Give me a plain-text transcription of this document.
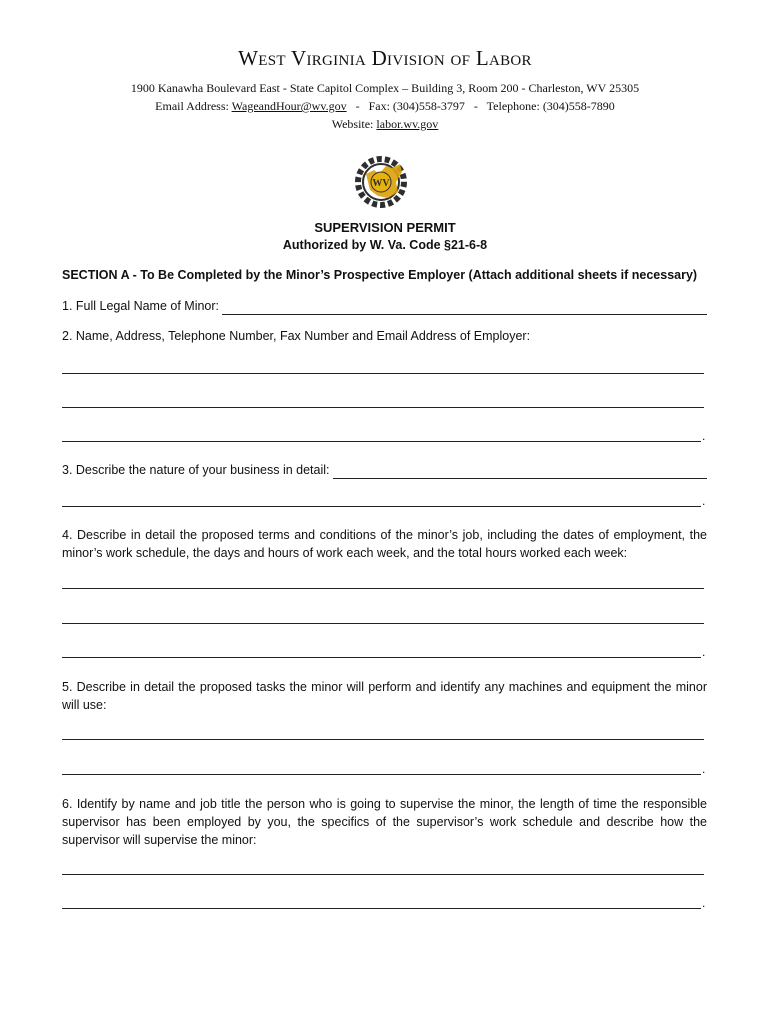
West Virginia Division of Labor
1900 Kanawha Boulevard East - State Capitol Complex – Building 3, Room 200 - Charleston, WV 25305
Email Address: WageandHour@wv.gov   -   Fax: (304)558-3797   -   Telephone: (304)558-7890
Website: labor.wv.gov
WV
SUPERVISION PERMIT
Authorized by W. Va. Code §21-6-8
SECTION A - To Be Completed by the Minor’s Prospective Employer (Attach additional sheets if necessary)
1. Full Legal Name of Minor:
2. Name, Address, Telephone Number, Fax Number and Email Address of Employer:
.
3. Describe the nature of your business in detail:
.
4. Describe in detail the proposed terms and conditions of the minor’s job, including the dates of employment, the minor’s work schedule, the days and hours of work each week, and the total hours worked each week:
.
5. Describe in detail the proposed tasks the minor will perform and identify any machines and equipment the minor will use:
.
6. Identify by name and job title the person who is going to supervise the minor, the length of time the responsible supervisor has been employed by you, the specifics of the supervisor’s work schedule and describe how the supervisor will supervise the minor:
.
